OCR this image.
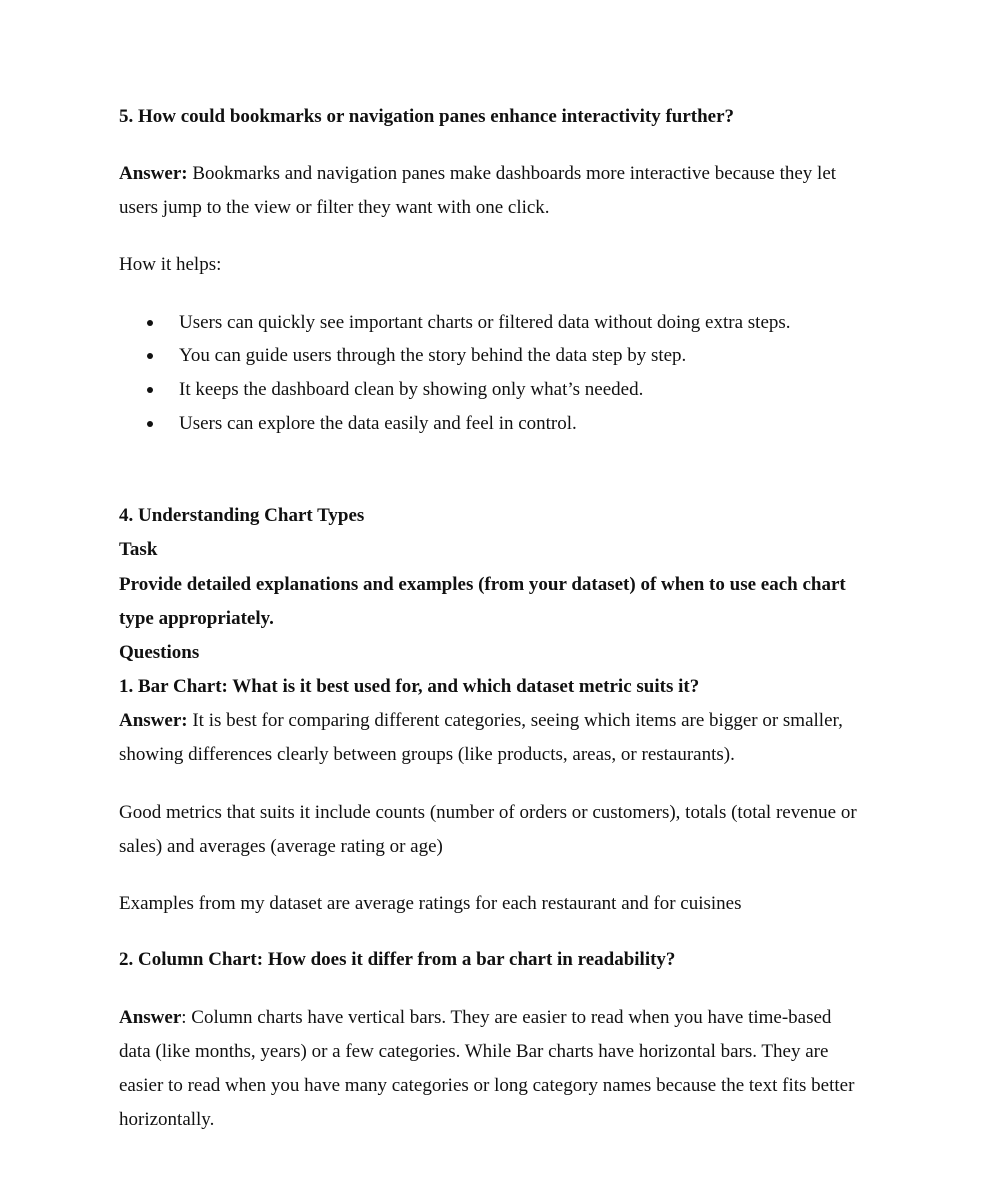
5. How could bookmarks or navigation panes enhance interactivity further?
Answer: Bookmarks and navigation panes make dashboards more interactive because they let
users jump to the view or filter they want with one click.
How it helps:
Users can quickly see important charts or filtered data without doing extra steps.
You can guide users through the story behind the data step by step.
It keeps the dashboard clean by showing only what’s needed.
Users can explore the data easily and feel in control.
4. Understanding Chart Types
Task
Provide detailed explanations and examples (from your dataset) of when to use each chart
type appropriately.
Questions
1. Bar Chart: What is it best used for, and which dataset metric suits it?
Answer: It is best for comparing different categories, seeing which items are bigger or smaller,
showing differences clearly between groups (like products, areas, or restaurants).
Good metrics that suits it include counts (number of orders or customers), totals (total revenue or
sales) and averages (average rating or age)
Examples from my dataset are average ratings for each restaurant and for cuisines
2. Column Chart: How does it differ from a bar chart in readability?
Answer: Column charts have vertical bars. They are easier to read when you have time-based
data (like months, years) or a few categories. While Bar charts have horizontal bars. They are
easier to read when you have many categories or long category names because the text fits better
horizontally.
